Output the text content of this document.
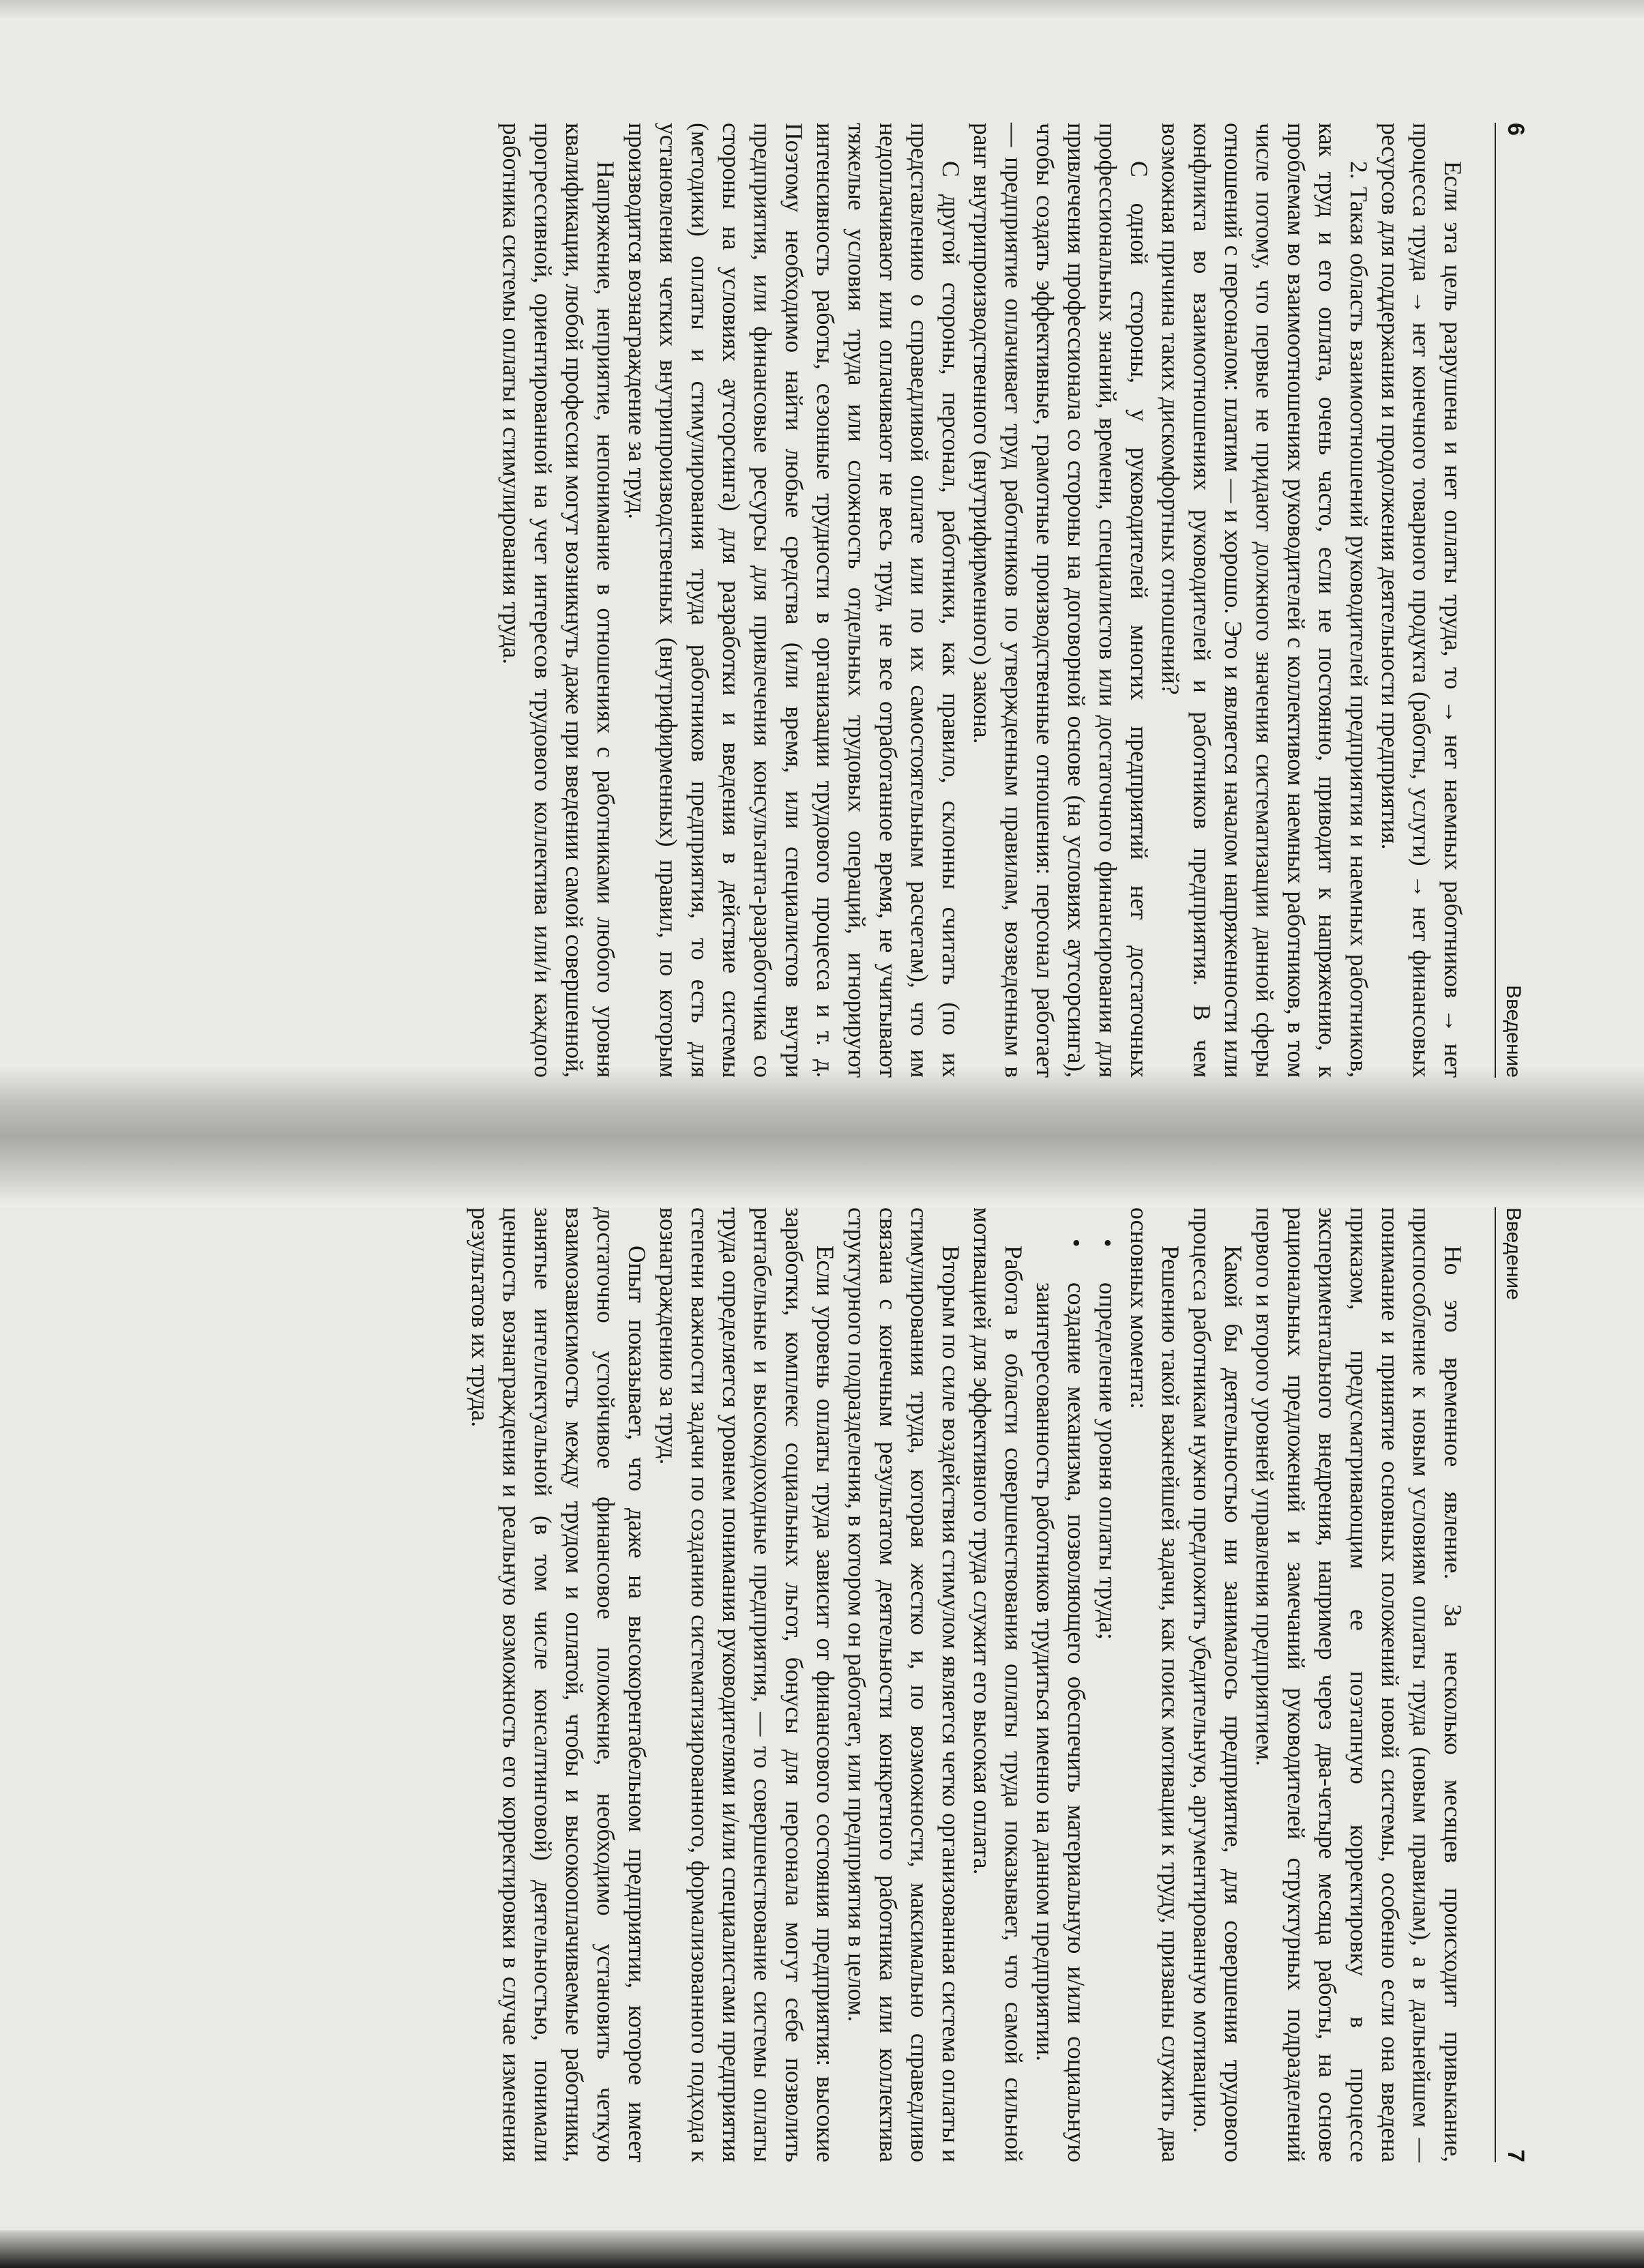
6
Введение

Если эта цель разрушена и нет оплаты труда, то → нет наемных работников → нет процесса труда → нет конечного товарного продукта (работы, услуги) → нет финансовых ресурсов для поддержания и продолжения деятельности предприятия.

2. Такая область взаимоотношений руководителей предприятия и наемных работников, как труд и его оплата, очень часто, если не постоянно, приводит к напряжению, к проблемам во взаимоотношениях руководителей с коллективом наемных работников, в том числе потому, что первые не придают должного значения систематизации данной сферы отношений с персоналом: платим — и хорошо. Это и является началом напряженности или конфликта во взаимоотношениях руководителей и работников предприятия. В чем возможная причина таких дискомфортных отношений?

С одной стороны, у руководителей многих предприятий нет достаточных профессиональных знаний, времени, специалистов или достаточного финансирования для привлечения профессионала со стороны на договорной основе (на условиях аутсорсинга), чтобы создать эффективные, грамотные производственные отношения: персонал работает — предприятие оплачивает труд работников по утвержденным правилам, возведенным в ранг внутрипроизводственного (внутрифирменного) закона.

С другой стороны, персонал, работники, как правило, склонны считать (по их представлению о справедливой оплате или по их самостоятельным расчетам), что им недоплачивают или оплачивают не весь труд, не все отработанное время, не учитывают тяжелые условия труда или сложность отдельных трудовых операций, игнорируют интенсивность работы, сезонные трудности в организации трудового процесса и т. д. Поэтому необходимо найти любые средства (или время, или специалистов внутри предприятия, или финансовые ресурсы для привлечения консультанта-разработчика со стороны на условиях аутсорсинга) для разработки и введения в действие системы (методики) оплаты и стимулирования труда работников предприятия, то есть для установления четких внутрипроизводственных (внутрифирменных) правил, по которым производится вознаграждение за труд.

Напряжение, неприятие, непонимание в отношениях с работниками любого уровня квалификации, любой профессии могут возникнуть даже при введении самой совершенной, прогрессивной, ориентированной на учет интересов трудового коллектива или/и каждого работника системы оплаты и стимулирования труда.

Введение
7

Но это временное явление. За несколько месяцев происходит привыкание, приспособление к новым условиям оплаты труда (новым правилам), а в дальнейшем — понимание и принятие основных положений новой системы, особенно если она введена приказом, предусматривающим ее поэтапную корректировку в процессе экспериментального внедрения, например через два-четыре месяца работы, на основе рациональных предложений и замечаний руководителей структурных подразделений первого и второго уровней управления предприятием.

Какой бы деятельностью ни занималось предприятие, для совершения трудового процесса работникам нужно предложить убедительную, аргументированную мотивацию.

Решению такой важнейшей задачи, как поиск мотивации к труду, призваны служить два основных момента:

• определение уровня оплаты труда;
• создание механизма, позволяющего обеспечить материальную и/или социальную заинтересованность работников трудиться именно на данном предприятии.

Работа в области совершенствования оплаты труда показывает, что самой сильной мотивацией для эффективного труда служит его высокая оплата.

Вторым по силе воздействия стимулом является четко организованная система оплаты и стимулирования труда, которая жестко и, по возможности, максимально справедливо связана с конечным результатом деятельности конкретного работника или коллектива структурного подразделения, в котором он работает, или предприятия в целом.

Если уровень оплаты труда зависит от финансового состояния предприятия: высокие заработки, комплекс социальных льгот, бонусы для персонала могут себе позволить рентабельные и высокодоходные предприятия, — то совершенствование системы оплаты труда определяется уровнем понимания руководителями и/или специалистами предприятия степени важности задачи по созданию систематизированного, формализованного подхода к вознаграждению за труд.

Опыт показывает, что даже на высокорентабельном предприятии, которое имеет достаточно устойчивое финансовое положение, необходимо установить четкую взаимозависимость между трудом и оплатой, чтобы и высокооплачиваемые работники, занятые интеллектуальной (в том числе консалтинговой) деятельностью, понимали ценность вознаграждения и реальную возможность его корректировки в случае изменения результатов их труда.
